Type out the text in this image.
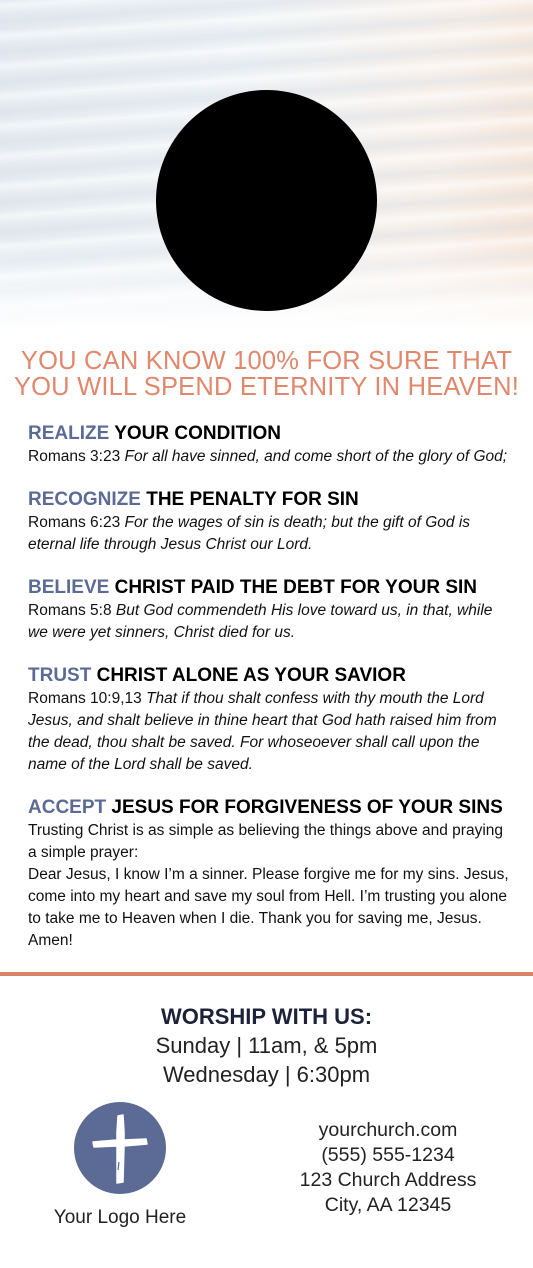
YOU CAN KNOW 100% FOR SURE THAT
YOU WILL SPEND ETERNITY IN HEAVEN!
REALIZE YOUR CONDITION
Romans 3:23 For all have sinned, and come short of the glory of God;
RECOGNIZE THE PENALTY FOR SIN
Romans 6:23 For the wages of sin is death; but the gift of God is eternal life through Jesus Christ our Lord.
BELIEVE CHRIST PAID THE DEBT FOR YOUR SIN
Romans 5:8 But God commendeth His love toward us, in that, while we were yet sinners, Christ died for us.
TRUST CHRIST ALONE AS YOUR SAVIOR
Romans 10:9,13 That if thou shalt confess with thy mouth the Lord Jesus, and shalt believe in thine heart that God hath raised him from the dead, thou shalt be saved. For whoseoever shall call upon the name of the Lord shall be saved.
ACCEPT JESUS FOR FORGIVENESS OF YOUR SINS

Trusting Christ is as simple as believing the things above and praying a simple prayer:

Dear Jesus, I know I’m a sinner. Please forgive me for my sins. Jesus, come into my heart and save my soul from Hell. I’m trusting you alone to take me to Heaven when I die. Thank you for saving me, Jesus. Amen!

WORSHIP WITH US:
Sunday | 11am, & 5pm
Wednesday | 6:30pm
Your Logo Here
yourchurch.com
(555) 555-1234
123 Church Address
City, AA 12345
